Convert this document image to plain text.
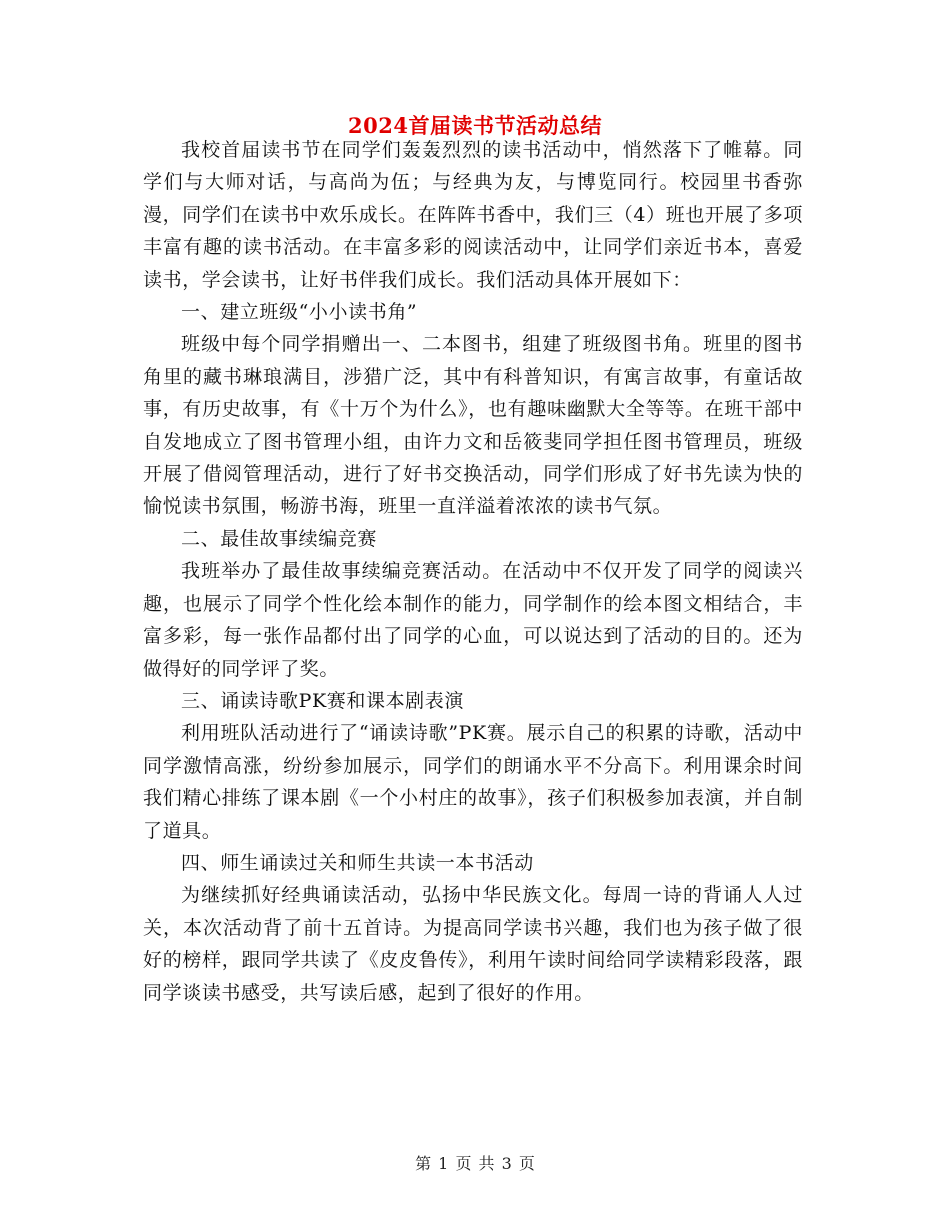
2024首届读书节活动总结

我校首届读书节在同学们轰轰烈烈的读书活动中，悄然落下了帷幕。同学们与大师对话，与高尚为伍；与经典为友，与博览同行。校园里书香弥漫，同学们在读书中欢乐成长。在阵阵书香中，我们三（4）班也开展了多项丰富有趣的读书活动。在丰富多彩的阅读活动中，让同学们亲近书本，喜爱读书，学会读书，让好书伴我们成长。我们活动具体开展如下：

一、建立班级“小小读书角”

班级中每个同学捐赠出一、二本图书，组建了班级图书角。班里的图书角里的藏书琳琅满目，涉猎广泛，其中有科普知识，有寓言故事，有童话故事，有历史故事，有《十万个为什么》，也有趣味幽默大全等等。在班干部中自发地成立了图书管理小组，由许力文和岳筱斐同学担任图书管理员，班级开展了借阅管理活动，进行了好书交换活动，同学们形成了好书先读为快的愉悦读书氛围，畅游书海，班里一直洋溢着浓浓的读书气氛。

二、最佳故事续编竞赛

我班举办了最佳故事续编竞赛活动。在活动中不仅开发了同学的阅读兴趣，也展示了同学个性化绘本制作的能力，同学制作的绘本图文相结合，丰富多彩，每一张作品都付出了同学的心血，可以说达到了活动的目的。还为做得好的同学评了奖。

三、诵读诗歌PK赛和课本剧表演

利用班队活动进行了“诵读诗歌”PK赛。展示自己的积累的诗歌，活动中同学激情高涨，纷纷参加展示，同学们的朗诵水平不分高下。利用课余时间我们精心排练了课本剧《一个小村庄的故事》，孩子们积极参加表演，并自制了道具。

四、师生诵读过关和师生共读一本书活动

为继续抓好经典诵读活动，弘扬中华民族文化。每周一诗的背诵人人过关，本次活动背了前十五首诗。为提高同学读书兴趣，我们也为孩子做了很好的榜样，跟同学共读了《皮皮鲁传》，利用午读时间给同学读精彩段落，跟同学谈读书感受，共写读后感，起到了很好的作用。

第 1 页 共 3 页
